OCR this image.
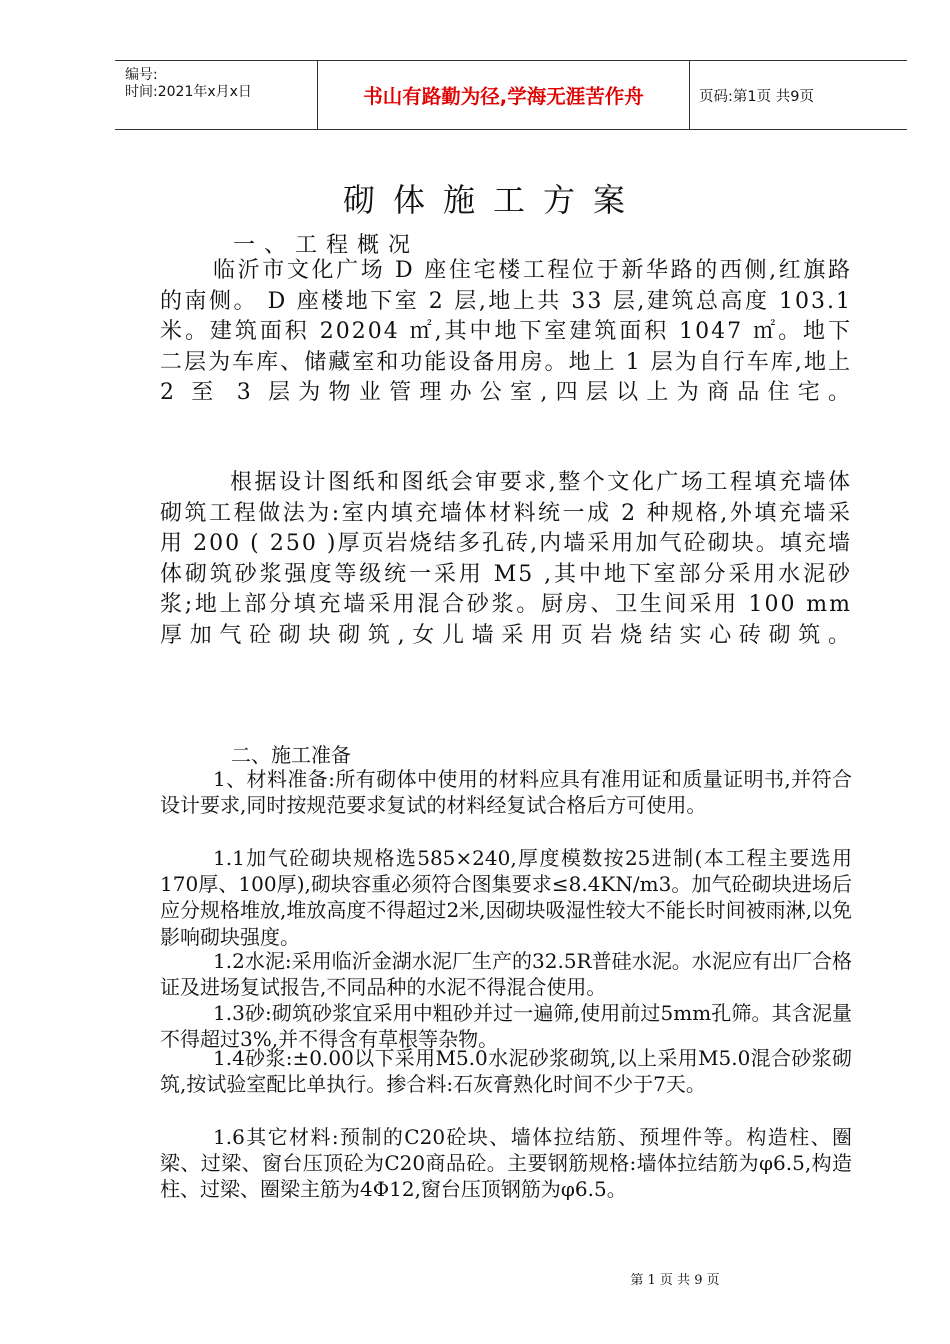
编号:
时间:2021年x月x日	书山有路勤为径,学海无涯苦作舟	页码:第1页 共9页
砌体施工方案
一、工程概况

临沂市文化广场 D 座住宅楼工程位于新华路的西侧,红旗路的南侧。 D 座楼地下室 2 层,地上共 33 层,建筑总高度 103.1 米。建筑面积 20204 ㎡,其中地下室建筑面积 1047 ㎡。地下二层为车库、储藏室和功能设备用房。地上 1 层为自行车库,地上 2 至 3 层为物业管理办公室,四层以上为商品住宅。

根据设计图纸和图纸会审要求,整个文化广场工程填充墙体砌筑工程做法为:室内填充墙体材料统一成 2 种规格,外填充墙采用 200 ( 250 )厚页岩烧结多孔砖,内墙采用加气砼砌块。填充墙体砌筑砂浆强度等级统一采用 M5 ,其中地下室部分采用水泥砂浆;地上部分填充墙采用混合砂浆。厨房、卫生间采用 100 mm厚加气砼砌块砌筑,女儿墙采用页岩烧结实心砖砌筑。

二、施工准备

1、材料准备:所有砌体中使用的材料应具有准用证和质量证明书,并符合设计要求,同时按规范要求复试的材料经复试合格后方可使用。

1.1加气砼砌块规格选585×240,厚度模数按25进制(本工程主要选用170厚、100厚),砌块容重必须符合图集要求≤8.4KN/m3。加气砼砌块进场后应分规格堆放,堆放高度不得超过2米,因砌块吸湿性较大不能长时间被雨淋,以免影响砌块强度。

1.2水泥:采用临沂金湖水泥厂生产的32.5R普硅水泥。水泥应有出厂合格证及进场复试报告,不同品种的水泥不得混合使用。

1.3砂:砌筑砂浆宜采用中粗砂并过一遍筛,使用前过5mm孔筛。其含泥量不得超过3%,并不得含有草根等杂物。

1.4砂浆:±0.00以下采用M5.0水泥砂浆砌筑,以上采用M5.0混合砂浆砌筑,按试验室配比单执行。掺合料:石灰膏熟化时间不少于7天。

1.6其它材料:预制的C20砼块、墙体拉结筋、预埋件等。构造柱、圈梁、过梁、窗台压顶砼为C20商品砼。主要钢筋规格:墙体拉结筋为φ6.5,构造柱、过梁、圈梁主筋为4Φ12,窗台压顶钢筋为φ6.5。

第 1 页 共 9 页
